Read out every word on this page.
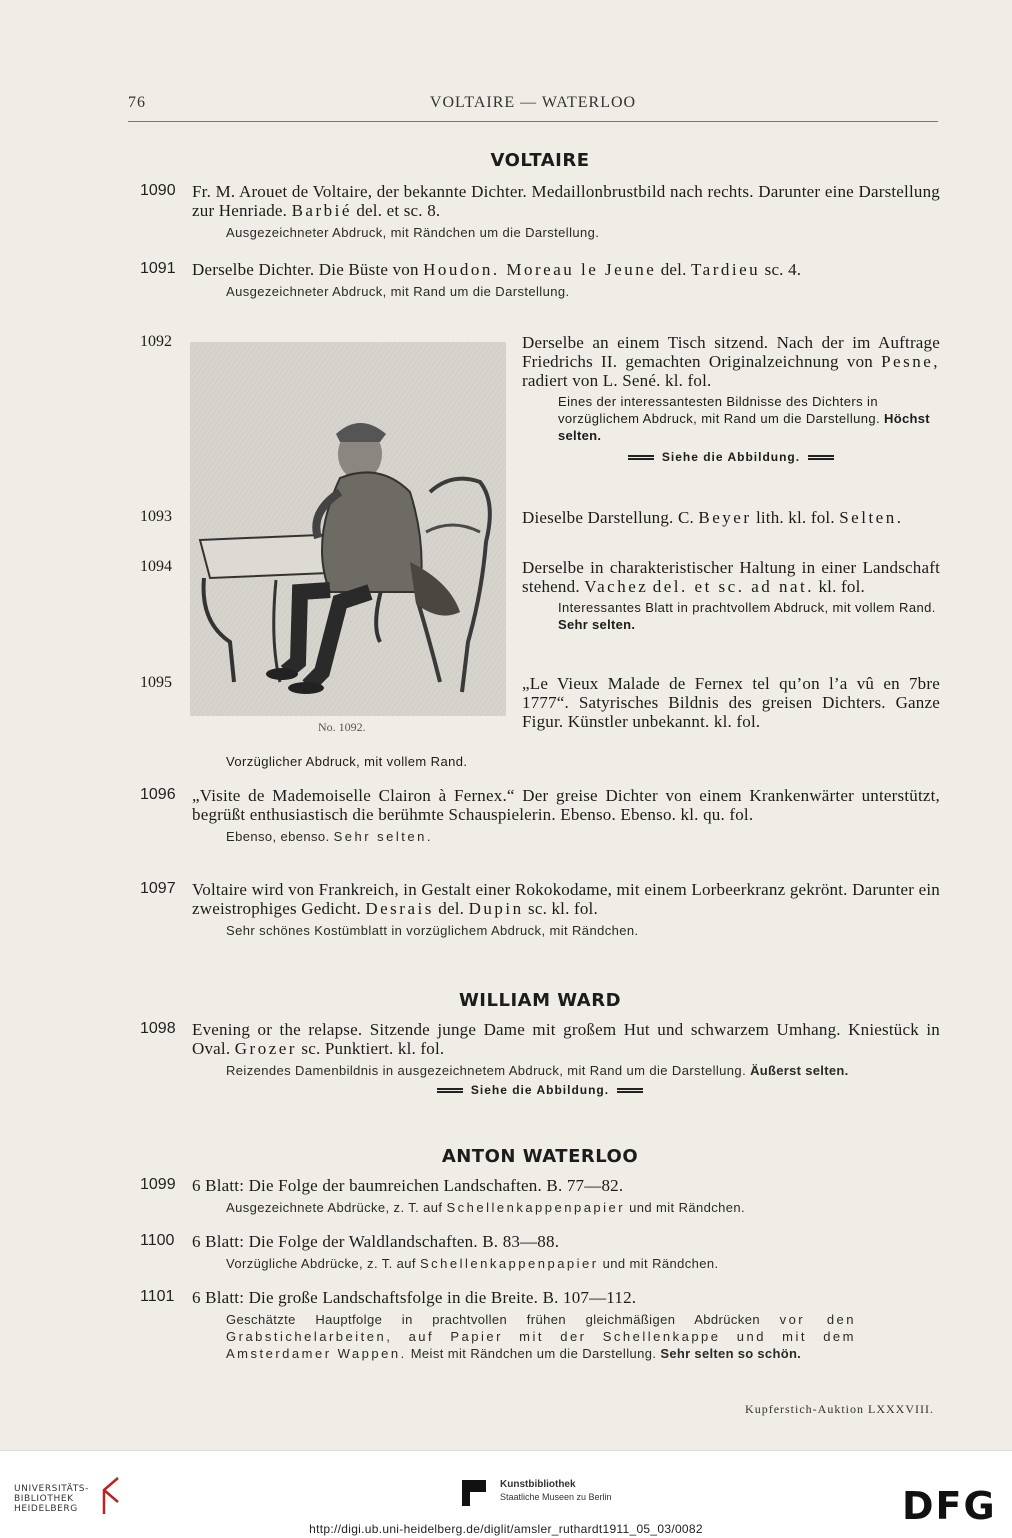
76	VOLTAIRE — WATERLOO
VOLTAIRE
1090 Fr. M. Arouet de Voltaire, der bekannte Dichter. Medaillonbrustbild nach rechts. Darunter eine Darstellung zur Henriade. Barbié del. et sc. 8.
Ausgezeichneter Abdruck, mit Rändchen um die Darstellung.
1091 Derselbe Dichter. Die Büste von Houdon. Moreau le Jeune del. Tardieu sc. 4.
Ausgezeichneter Abdruck, mit Rand um die Darstellung.
No. 1092.
1092	Derselbe an einem Tisch sitzend. Nach der im Auftrage Friedrichs II. gemachten Originalzeichnung von Pesne, radiert von L. Sené. kl. fol.
Eines der interessantesten Bildnisse des Dichters in vorzüglichem Abdruck, mit Rand um die Darstellung. Höchst selten.
Siehe die Abbildung.
1093	Dieselbe Darstellung. C. Beyer lith. kl. fol. Selten.
1094	Derselbe in charakteristischer Haltung in einer Landschaft stehend. Vachez del. et sc. ad nat. kl. fol.
Interessantes Blatt in prachtvollem Abdruck, mit vollem Rand. Sehr selten.
1095	„Le Vieux Malade de Fernex tel qu’on l’a vû en 7bre 1777“. Satyrisches Bildnis des greisen Dichters. Ganze Figur. Künstler unbekannt. kl. fol.
Vorzüglicher Abdruck, mit vollem Rand.
1096 „Visite de Mademoiselle Clairon à Fernex.“ Der greise Dichter von einem Krankenwärter unterstützt, begrüßt enthusiastisch die berühmte Schauspielerin. Ebenso. Ebenso. kl. qu. fol.
Ebenso, ebenso. Sehr selten.
1097 Voltaire wird von Frankreich, in Gestalt einer Rokokodame, mit einem Lorbeerkranz gekrönt. Darunter ein zweistrophiges Gedicht. Desrais del. Dupin sc. kl. fol.
Sehr schönes Kostümblatt in vorzüglichem Abdruck, mit Rändchen.
WILLIAM WARD
1098 Evening or the relapse. Sitzende junge Dame mit großem Hut und schwarzem Umhang. Kniestück in Oval. Grozer sc. Punktiert. kl. fol.
Reizendes Damenbildnis in ausgezeichnetem Abdruck, mit Rand um die Darstellung. Äußerst selten.
Siehe die Abbildung.
ANTON WATERLOO
1099 6 Blatt: Die Folge der baumreichen Landschaften. B. 77—82.
Ausgezeichnete Abdrücke, z. T. auf Schellenkappenpapier und mit Rändchen.
1100	6 Blatt: Die Folge der Waldlandschaften. B. 83—88.
Vorzügliche Abdrücke, z. T. auf Schellenkappenpapier und mit Rändchen.
1101	6 Blatt: Die große Landschaftsfolge in die Breite. B. 107—112.
Geschätzte Hauptfolge in prachtvollen frühen gleichmäßigen Abdrücken vor den Grabstichelarbeiten, auf Papier mit der Schellenkappe und mit dem Amsterdamer Wappen. Meist mit Rändchen um die Darstellung. Sehr selten so schön.
Kupferstich-Auktion LXXXVIII.
UNIVERSITÄTS-
BIBLIOTHEK
HEIDELBERG
Kunstbibliothek
Staatliche Museen zu Berlin	DFG
http://digi.ub.uni-heidelberg.de/diglit/amsler_ruthardt1911_05_03/0082
